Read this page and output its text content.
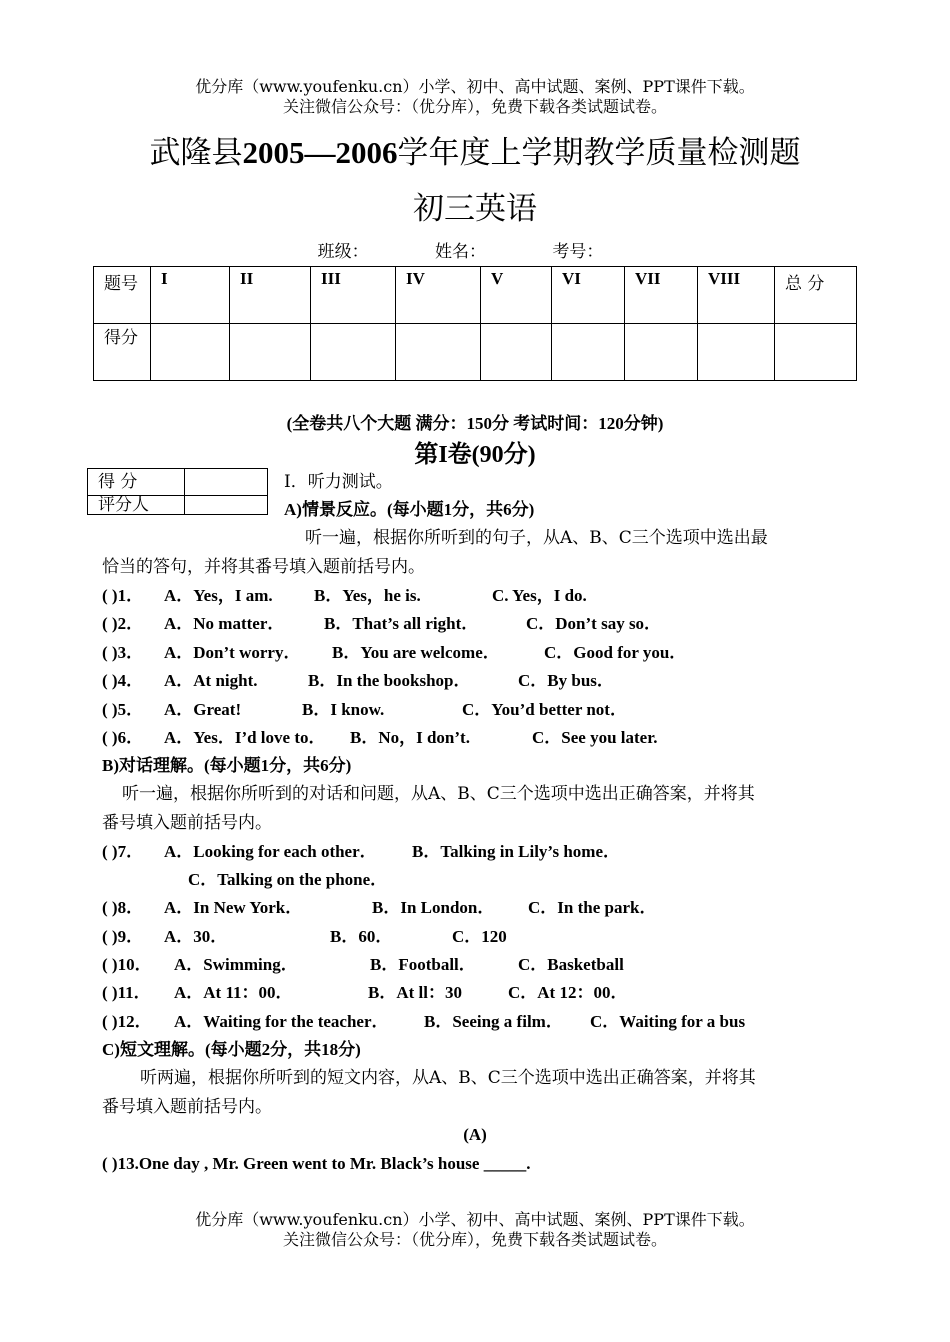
优分库（www.youfenku.cn）小学、初中、高中试题、案例、PPT课件下载。
关注微信公众号：（优分库），免费下载各类试题试卷。
武隆县2005—2006学年度上学期教学质量检测题
初三英语
班级：	姓名：	考号：
题号	I	II	III	IV	V	VI	VII	VIII	总 分
得分									
(全卷共八个大题 满分：150分 考试时间：120分钟)
第I卷(90分)
得 分	
评分人	
I．听力测试。
A)情景反应。(每小题1分，共6分)
听一遍，根据你所听到的句子，从A、B、C三个选项中选出最
恰当的答句，并将其番号填入题前括号内。
( )1． A．Yes，I am. B．Yes，he is.	C. Yes，I do.
( )2． A．No matter． B．That’s all right．	C．Don’t say so．
( )3． A．Don’t worry． B．You are welcome．	C．Good for you．
( )4． A．At night.	B．In the bookshop．	C．By bus．
( )5． A．Great!	B．I know.	C．You’d better not．
( )6． A．Yes．I’d love to． B．No，I don’t.	C．See you later.
B)对话理解。(每小题1分，共6分)
听一遍，根据你所听到的对话和问题，从A、B、C三个选项中选出正确答案，并将其
番号填入题前括号内。
( )7． A．Looking for each other． B．Talking in Lily’s home．
C．Talking on the phone．
( )8． A．In New York．	B．In London． C．In the park．
( )9． A．30．	B．60．	C．120
( )10． A．Swimming．	B．Football． C．Basketball
( )11． A．At 11：00．	B．At ll：30	C．At 12：00．
( )12． A．Waiting for the teacher． B．Seeing a film． C．Waiting for a bus
C)短文理解。(每小题2分，共18分)
听两遍，根据你所听到的短文内容，从A、B、C三个选项中选出正确答案，并将其
番号填入题前括号内。
(A)
( )13.One day , Mr. Green went to Mr. Black’s house _____.
优分库（www.youfenku.cn）小学、初中、高中试题、案例、PPT课件下载。
关注微信公众号：（优分库），免费下载各类试题试卷。
